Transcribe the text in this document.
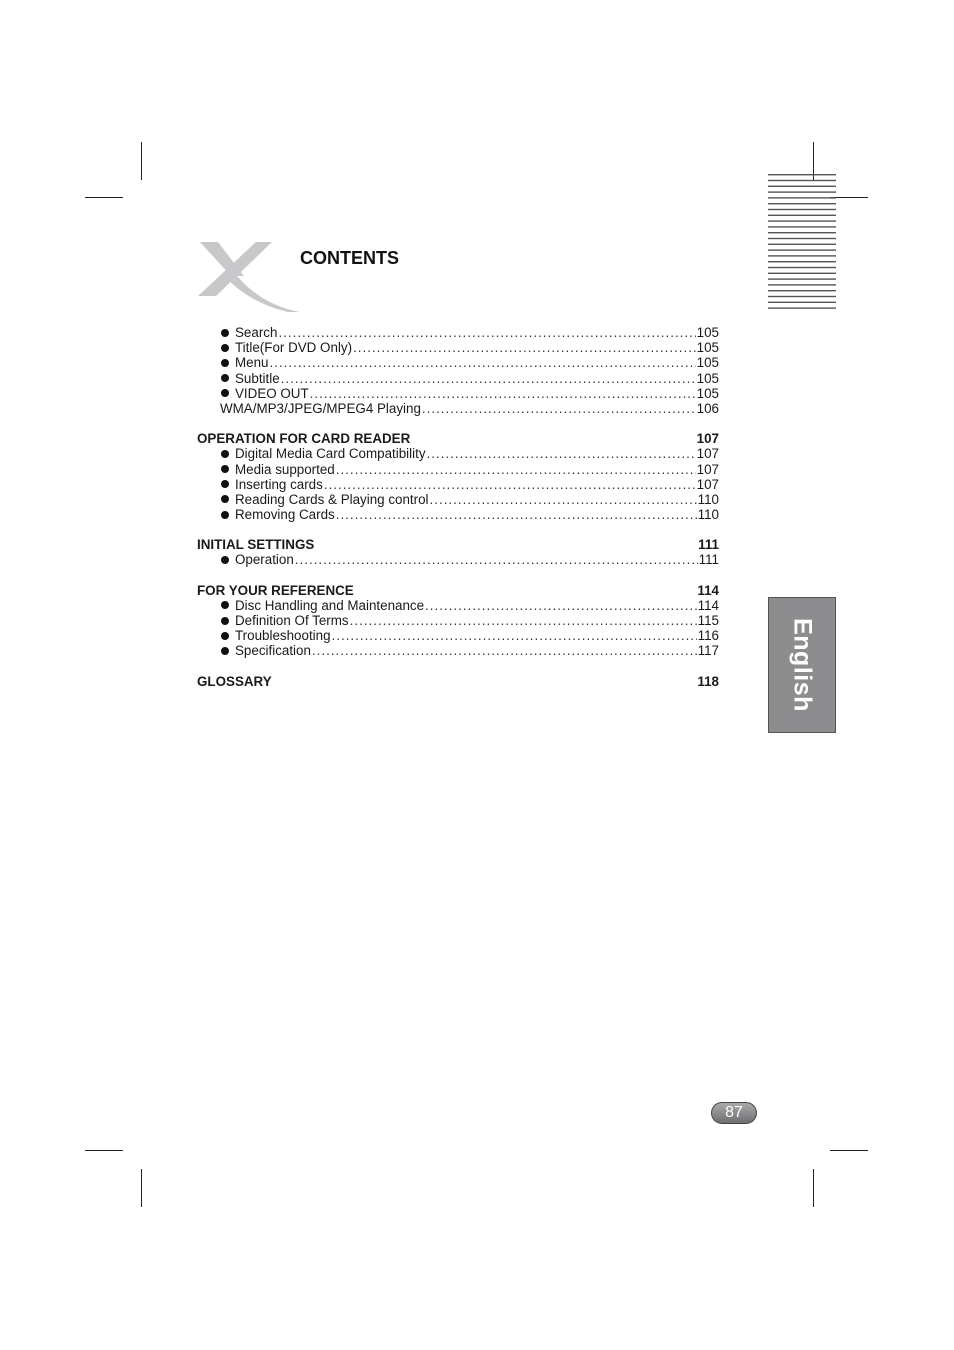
CONTENTS
Search .....	105
Title(For DVD Only) .....	105
Menu .....	105
Subtitle .....	105
VIDEO OUT .....	105
WMA/MP3/JPEG/MPEG4 Playing .....	106
OPERATION FOR CARD READER	107
Digital Media Card Compatibility .....	107
Media supported .....	107
Inserting cards .....	107
Reading Cards & Playing control .....	110
Removing Cards .....	110
INITIAL SETTINGS	111
Operation .....	111
FOR YOUR REFERENCE	114
Disc Handling and Maintenance .....	114
Definition Of Terms .....	115
Troubleshooting .....	116
Specification .....	117
GLOSSARY	118	English
87
